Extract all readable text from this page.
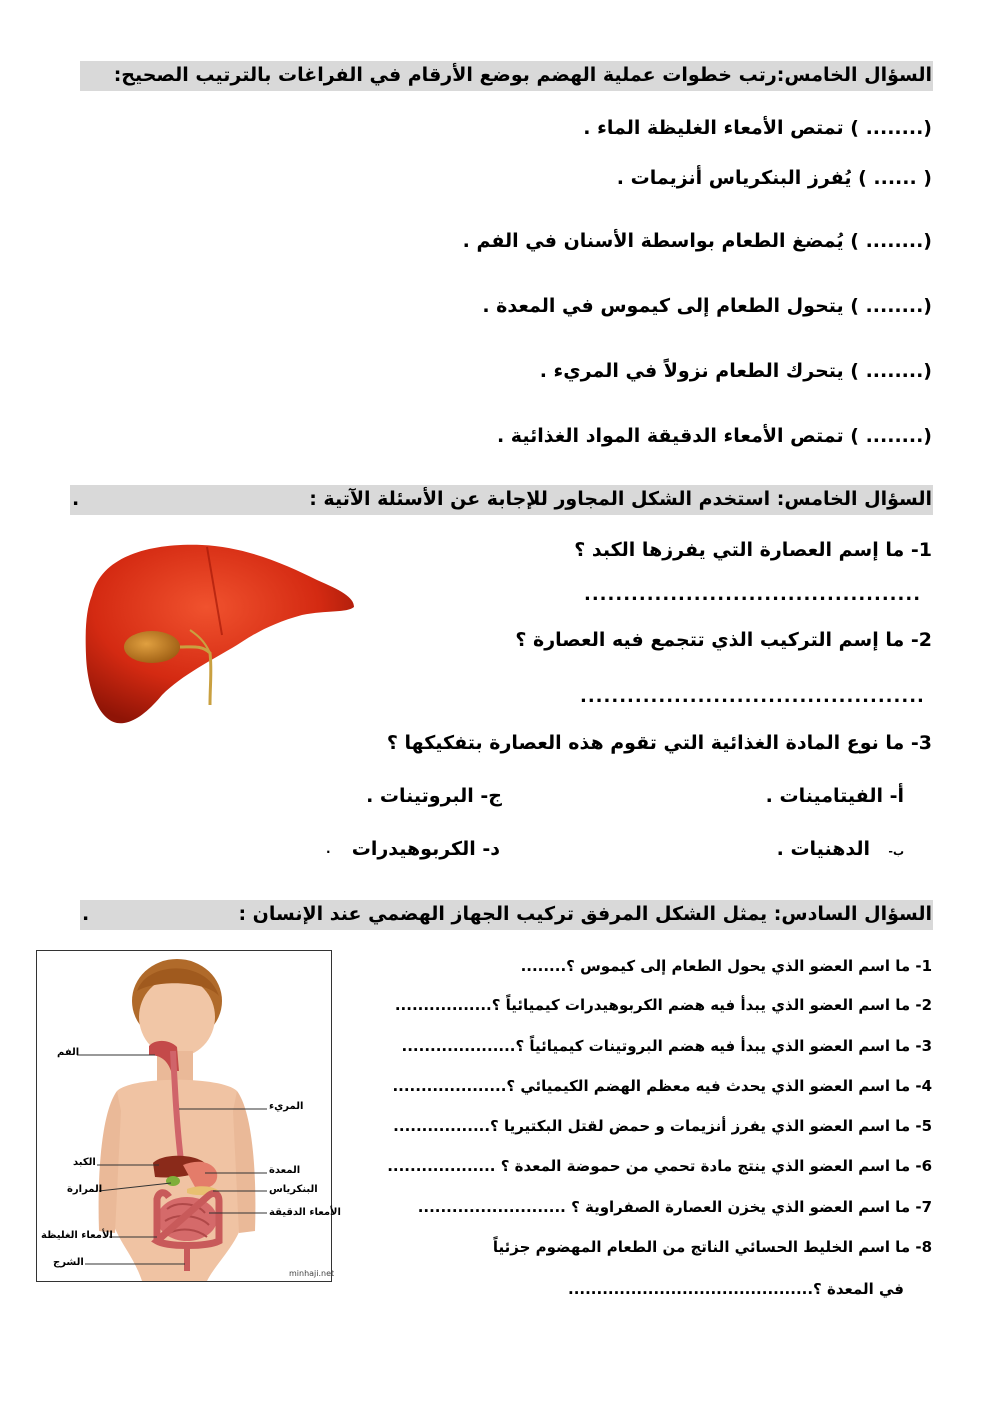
السؤال الخامس:رتب خطوات عملية الهضم بوضع الأرقام في الفراغات بالترتيب الصحيح:
(........ ) تمتص الأمعاء الغليظة الماء .
( ...... ) يُفرز البنكرياس أنزيمات .
(........ ) يُمضغ الطعام بواسطة الأسنان في الفم .
(........ ) يتحول الطعام إلى كيموس في المعدة .
(........ ) يتحرك الطعام نزولاً في المريء .
(........ ) تمتص الأمعاء الدقيقة المواد الغذائية .
السؤال الخامس: استخدم الشكل المجاور للإجابة عن الأسئلة الآتية :
.
1- ما إسم العصارة التي يفرزها الكبد ؟
...........................................
2- ما إسم التركيب الذي تتجمع فيه العصارة ؟
............................................
3- ما نوع المادة الغذائية التي تقوم هذه العصارة بتفكيكها ؟
أ- الفيتامينات .
ج- البروتينات .
ب-
الدهنيات .
د- الكربوهيدرات
.
السؤال السادس: يمثل الشكل المرفق تركيب الجهاز الهضمي عند الإنسان :
.
الفم
المريء
الكبد
المعدة
المرارة	البنكرياس
الأمعاء الدقيقة
الأمعاء الغليظة
الشرج
minhaji.net
1- ما اسم العضو الذي يحول الطعام إلى كيموس ؟........
2- ما اسم العضو الذي يبدأ فيه هضم الكربوهيدرات كيميائياً ؟.................
3- ما اسم العضو الذي يبدأ فيه هضم البروتينات كيميائياً ؟....................
4- ما اسم العضو الذي يحدث فيه معظم الهضم الكيميائي ؟....................
5- ما اسم العضو الذي يفرز أنزيمات و حمض لقتل البكتيريا ؟.................
6- ما اسم العضو الذي ينتج مادة تحمي من حموضة المعدة ؟ ...................
7- ما اسم العضو الذي يخزن العصارة الصفراوية ؟ ..........................
8- ما اسم الخليط الحسائي الناتج من الطعام المهضوم جزئياً
في المعدة ؟...........................................
